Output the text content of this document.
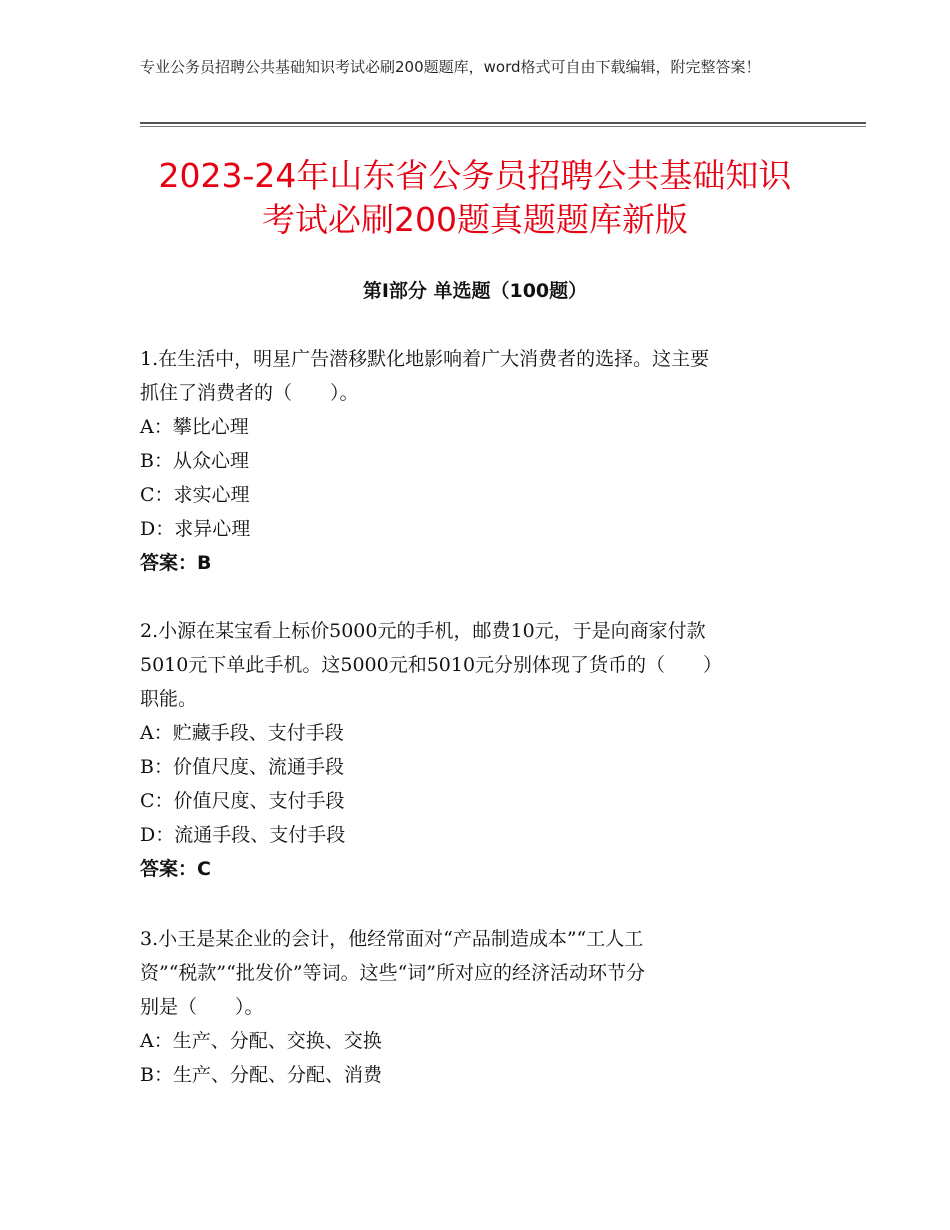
专业公务员招聘公共基础知识考试必刷200题题库，word格式可自由下载编辑，附完整答案！
2023-24年山东省公务员招聘公共基础知识
考试必刷200题真题题库新版
第Ⅰ部分 单选题（100题）

1.在生活中，明星广告潜移默化地影响着广大消费者的选择。这主要

抓住了消费者的（　　）。

A：攀比心理

B：从众心理

C：求实心理

D：求异心理

答案：B

2.小源在某宝看上标价5000元的手机，邮费10元，于是向商家付款

5010元下单此手机。这5000元和5010元分别体现了货币的（　　）

职能。

A：贮藏手段、支付手段

B：价值尺度、流通手段

C：价值尺度、支付手段

D：流通手段、支付手段

答案：C

3.小王是某企业的会计，他经常面对“产品制造成本”“工人工

资”“税款”“批发价”等词。这些“词”所对应的经济活动环节分

别是（　　）。

A：生产、分配、交换、交换

B：生产、分配、分配、消费
